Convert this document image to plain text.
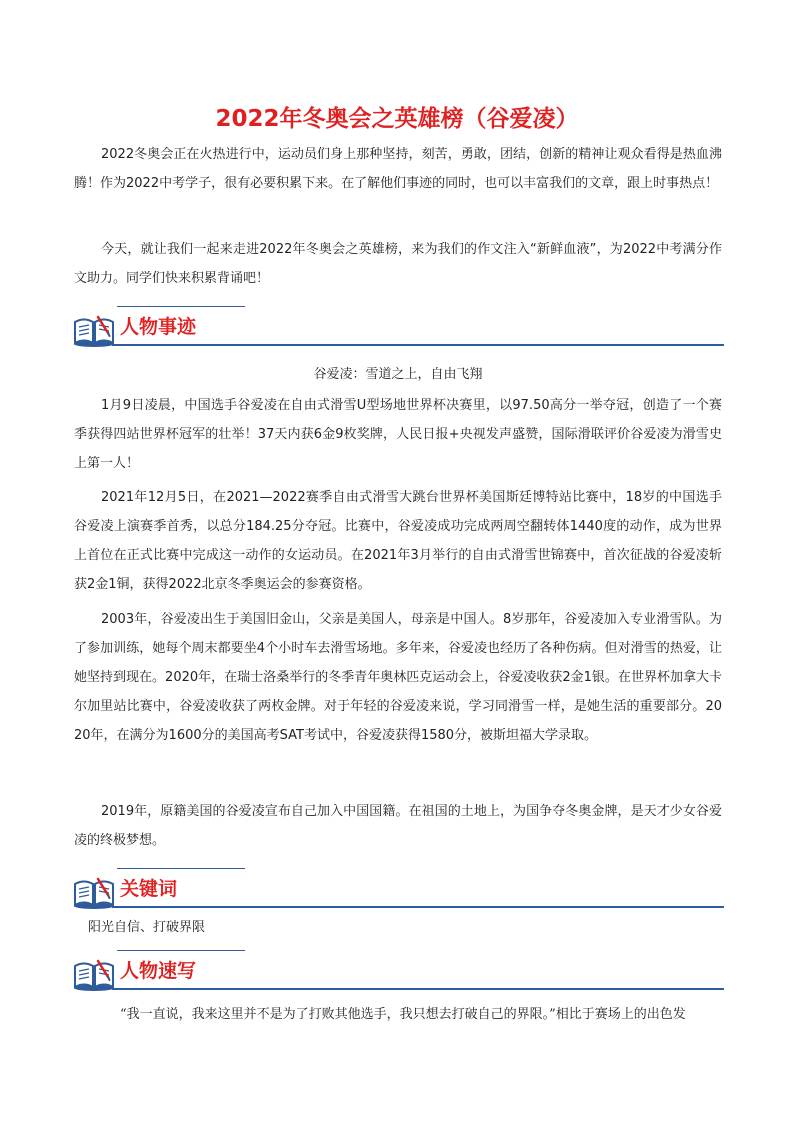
2022年冬奥会之英雄榜（谷爱凌）

2022冬奥会正在火热进行中，运动员们身上那种坚持，刻苦，勇敢，团结，创新的精神让观众看得是热血沸腾！作为2022中考学子，很有必要积累下来。在了解他们事迹的同时，也可以丰富我们的文章，跟上时事热点！

今天，就让我们一起来走进2022年冬奥会之英雄榜，来为我们的作文注入“新鲜血液”，为2022中考满分作文助力。同学们快来积累背诵吧！

人物事迹
谷爱凌：雪道之上，自由飞翔

1月9日凌晨，中国选手谷爱凌在自由式滑雪U型场地世界杯决赛里，以97.50高分一举夺冠，创造了一个赛季获得四站世界杯冠军的壮举！37天内获6金9枚奖牌，人民日报+央视发声盛赞，国际滑联评价谷爱凌为滑雪史上第一人！

2021年12月5日，在2021—2022赛季自由式滑雪大跳台世界杯美国斯廷博特站比赛中，18岁的中国选手谷爱凌上演赛季首秀，以总分184.25分夺冠。比赛中，谷爱凌成功完成两周空翻转体1440度的动作，成为世界上首位在正式比赛中完成这一动作的女运动员。在2021年3月举行的自由式滑雪世锦赛中，首次征战的谷爱凌斩获2金1铜，获得2022北京冬季奥运会的参赛资格。

2003年，谷爱凌出生于美国旧金山，父亲是美国人，母亲是中国人。8岁那年，谷爱凌加入专业滑雪队。为了参加训练，她每个周末都要坐4个小时车去滑雪场地。多年来，谷爱凌也经历了各种伤病。但对滑雪的热爱，让她坚持到现在。2020年，在瑞士洛桑举行的冬季青年奥林匹克运动会上，谷爱凌收获2金1银。在世界杯加拿大卡尔加里站比赛中，谷爱凌收获了两枚金牌。对于年轻的谷爱凌来说，学习同滑雪一样，是她生活的重要部分。2020年，在满分为1600分的美国高考SAT考试中，谷爱凌获得1580分，被斯坦福大学录取。

2019年，原籍美国的谷爱凌宣布自己加入中国国籍。在祖国的土地上，为国争夺冬奥金牌，是天才少女谷爱凌的终极梦想。

关键词
阳光自信、打破界限
人物速写

“我一直说，我来这里并不是为了打败其他选手，我只想去打破自己的界限。”相比于赛场上的出色发
